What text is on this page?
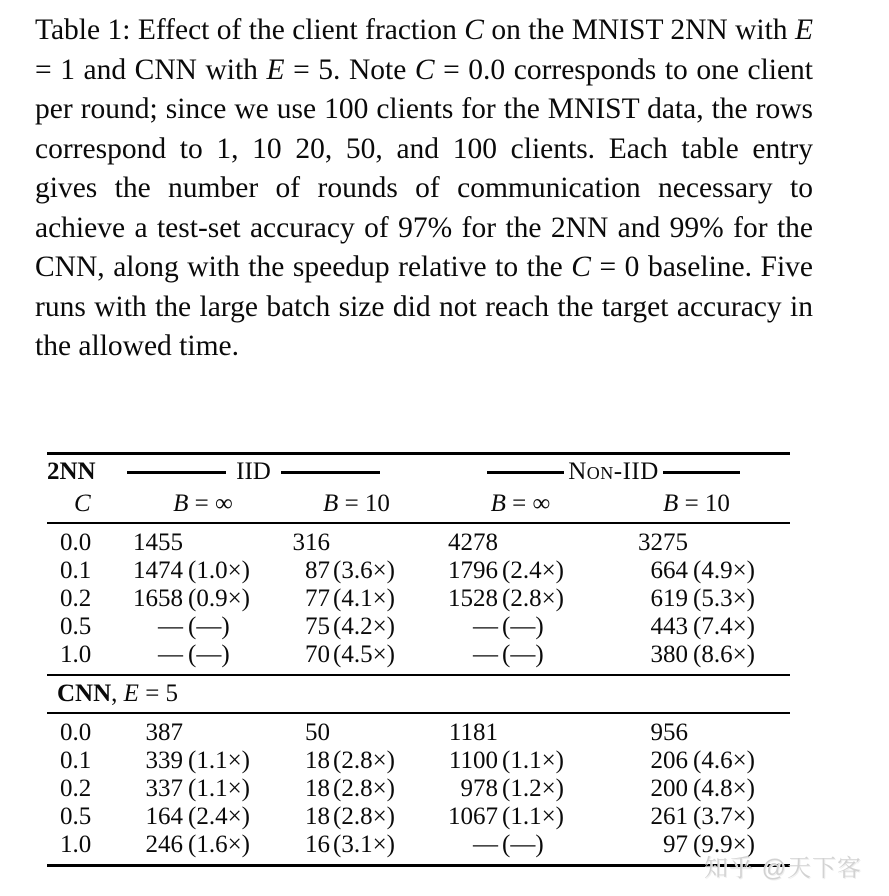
Table 1: Effect of the client fraction C on the MNIST 2NN with E = 1 and CNN with E = 5. Note C = 0.0 corresponds to one client per round; since we use 100 clients for the MNIST data, the rows correspond to 1, 10 20, 50, and 100 clients. Each table entry gives the number of rounds of communication necessary to achieve a test-set accuracy of 97% for the 2NN and 99% for the CNN, along with the speedup relative to the C = 0 baseline. Five runs with the large batch size did not reach the target accuracy in the allowed time.

2NN	IID	Non-IID

C	B = ∞	B = 10	B = ∞	B = 10
0.0	1455	316	4278	3275
0.1	1474 (1.0×)	87 (3.6×)	1796 (2.4×)	664 (4.9×)
0.2	1658 (0.9×)	77 (4.1×)	1528 (2.8×)	619 (5.3×)
0.5	— (—)	75 (4.2×)	— (—)	443 (7.4×)
1.0	— (—)	70 (4.5×)	— (—)	380 (8.6×)
CNN, E = 5
0.0	387	50	1181	956
0.1	339 (1.1×)	18 (2.8×)	1100 (1.1×)	206 (4.6×)
0.2	337 (1.1×)	18 (2.8×)	978 (1.2×)	200 (4.8×)
0.5	164 (2.4×)	18 (2.8×)	1067 (1.1×)	261 (3.7×)
1.0	246 (1.6×)	16 (3.1×)	— (—)	97 (9.9×)
知乎 @天下客
